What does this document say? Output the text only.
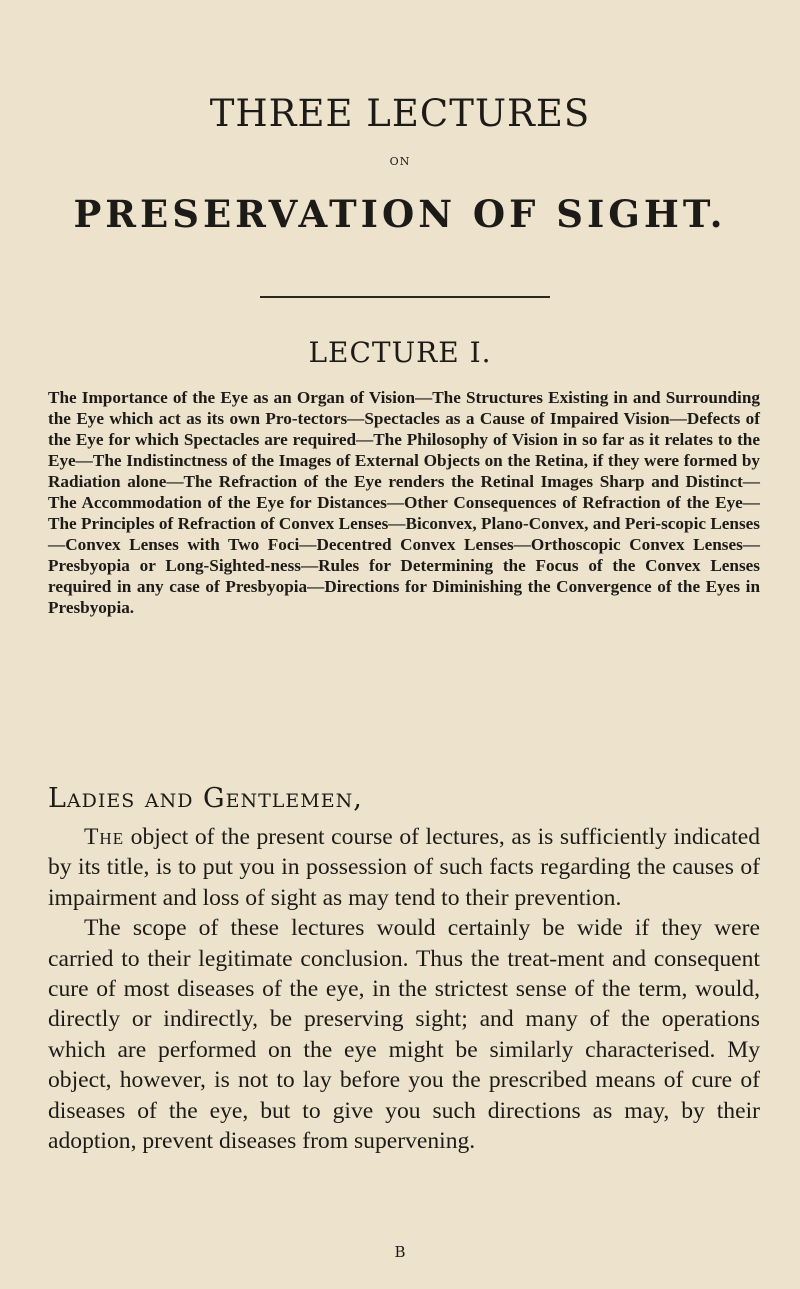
THREE LECTURES
ON
PRESERVATION OF SIGHT.
LECTURE I.

The Importance of the Eye as an Organ of Vision—The Structures Existing in and Surrounding the Eye which act as its own Pro-tectors—Spectacles as a Cause of Impaired Vision—Defects of the Eye for which Spectacles are required—The Philosophy of Vision in so far as it relates to the Eye—The Indistinctness of the Images of External Objects on the Retina, if they were formed by Radiation alone—The Refraction of the Eye renders the Retinal Images Sharp and Distinct—The Accommodation of the Eye for Distances—Other Consequences of Refraction of the Eye—The Principles of Refraction of Convex Lenses—Biconvex, Plano-Convex, and Peri-scopic Lenses—Convex Lenses with Two Foci—Decentred Convex Lenses—Orthoscopic Convex Lenses—Presbyopia or Long-Sighted-ness—Rules for Determining the Focus of the Convex Lenses required in any case of Presbyopia—Directions for Diminishing the Convergence of the Eyes in Presbyopia.

Ladies and Gentlemen,

The object of the present course of lectures, as is sufficiently indicated by its title, is to put you in possession of such facts regarding the causes of impairment and loss of sight as may tend to their prevention.

The scope of these lectures would certainly be wide if they were carried to their legitimate conclusion. Thus the treat-ment and consequent cure of most diseases of the eye, in the strictest sense of the term, would, directly or indirectly, be preserving sight; and many of the operations which are performed on the eye might be similarly characterised. My object, however, is not to lay before you the prescribed means of cure of diseases of the eye, but to give you such directions as may, by their adoption, prevent diseases from supervening.

B
